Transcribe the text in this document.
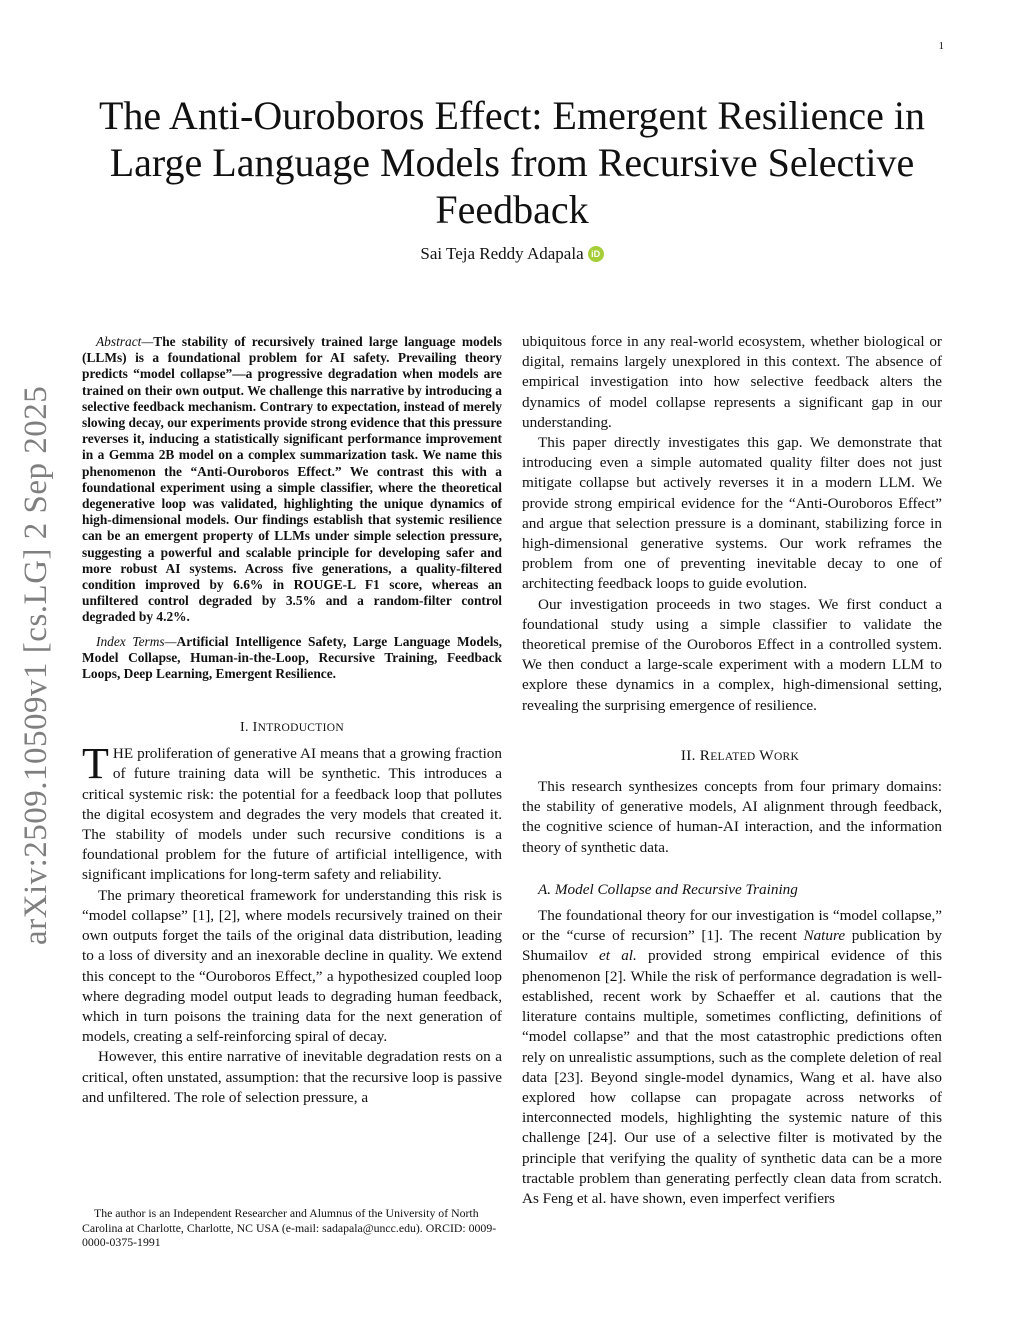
1
arXiv:2509.10509v1 [cs.LG] 2 Sep 2025
The Anti-Ouroboros Effect: Emergent Resilience in
Large Language Models from Recursive Selective
Feedback
Sai Teja Reddy Adapala iD

Abstract—The stability of recursively trained large language models (LLMs) is a foundational problem for AI safety. Prevailing theory predicts “model collapse”—a progressive degradation when models are trained on their own output. We challenge this narrative by introducing a selective feedback mechanism. Contrary to expectation, instead of merely slowing decay, our experiments provide strong evidence that this pressure reverses it, inducing a statistically significant performance improvement in a Gemma 2B model on a complex summarization task. We name this phenomenon the “Anti-Ouroboros Effect.” We contrast this with a foundational experiment using a simple classifier, where the theoretical degenerative loop was validated, highlighting the unique dynamics of high-dimensional models. Our findings establish that systemic resilience can be an emergent property of LLMs under simple selection pressure, suggesting a powerful and scalable principle for developing safer and more robust AI systems. Across five generations, a quality-filtered condition improved by 6.6% in ROUGE-L F1 score, whereas an unfiltered control degraded by 3.5% and a random-filter control degraded by 4.2%.

Index Terms—Artificial Intelligence Safety, Large Language Models, Model Collapse, Human-in-the-Loop, Recursive Training, Feedback Loops, Deep Learning, Emergent Resilience.

I. INTRODUCTION

THE proliferation of generative AI means that a growing fraction of future training data will be synthetic. This introduces a critical systemic risk: the potential for a feedback loop that pollutes the digital ecosystem and degrades the very models that created it. The stability of models under such recursive conditions is a foundational problem for the future of artificial intelligence, with significant implications for long-term safety and reliability.

The primary theoretical framework for understanding this risk is “model collapse” [1], [2], where models recursively trained on their own outputs forget the tails of the original data distribution, leading to a loss of diversity and an inexorable decline in quality. We extend this concept to the “Ouroboros Effect,” a hypothesized coupled loop where degrading model output leads to degrading human feedback, which in turn poisons the training data for the next generation of models, creating a self-reinforcing spiral of decay.

However, this entire narrative of inevitable degradation rests on a critical, often unstated, assumption: that the recursive loop is passive and unfiltered. The role of selection pressure, a

The author is an Independent Researcher and Alumnus of the University of North Carolina at Charlotte, Charlotte, NC USA (e-mail: sadapala@uncc.edu). ORCID: 0009-0000-0375-1991

ubiquitous force in any real-world ecosystem, whether biological or digital, remains largely unexplored in this context. The absence of empirical investigation into how selective feedback alters the dynamics of model collapse represents a significant gap in our understanding.

This paper directly investigates this gap. We demonstrate that introducing even a simple automated quality filter does not just mitigate collapse but actively reverses it in a modern LLM. We provide strong empirical evidence for the “Anti-Ouroboros Effect” and argue that selection pressure is a dominant, stabilizing force in high-dimensional generative systems. Our work reframes the problem from one of preventing inevitable decay to one of architecting feedback loops to guide evolution.

Our investigation proceeds in two stages. We first conduct a foundational study using a simple classifier to validate the theoretical premise of the Ouroboros Effect in a controlled system. We then conduct a large-scale experiment with a modern LLM to explore these dynamics in a complex, high-dimensional setting, revealing the surprising emergence of resilience.

II. RELATED WORK

This research synthesizes concepts from four primary domains: the stability of generative models, AI alignment through feedback, the cognitive science of human-AI interaction, and the information theory of synthetic data.

A. Model Collapse and Recursive Training

The foundational theory for our investigation is “model collapse,” or the “curse of recursion” [1]. The recent Nature publication by Shumailov et al. provided strong empirical evidence of this phenomenon [2]. While the risk of performance degradation is well-established, recent work by Schaeffer et al. cautions that the literature contains multiple, sometimes conflicting, definitions of “model collapse” and that the most catastrophic predictions often rely on unrealistic assumptions, such as the complete deletion of real data [23]. Beyond single-model dynamics, Wang et al. have also explored how collapse can propagate across networks of interconnected models, highlighting the systemic nature of this challenge [24]. Our use of a selective filter is motivated by the principle that verifying the quality of synthetic data can be a more tractable problem than generating perfectly clean data from scratch. As Feng et al. have shown, even imperfect verifiers
